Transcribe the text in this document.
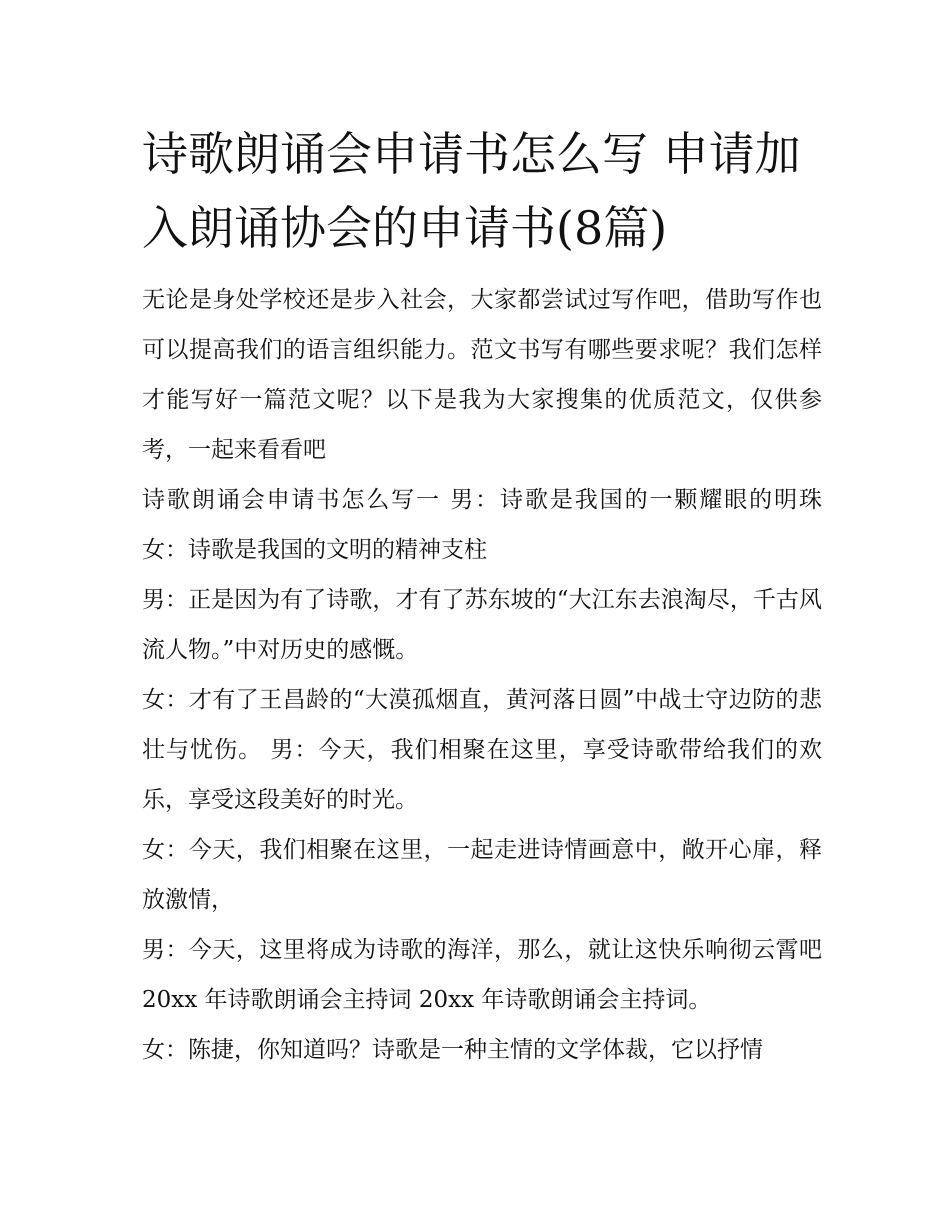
诗歌朗诵会申请书怎么写 申请加入朗诵协会的申请书(8篇)

无论是身处学校还是步入社会，大家都尝试过写作吧，借助写作也可以提高我们的语言组织能力。范文书写有哪些要求呢？我们怎样才能写好一篇范文呢？以下是我为大家搜集的优质范文，仅供参考，一起来看看吧

诗歌朗诵会申请书怎么写一 男：诗歌是我国的一颗耀眼的明珠 女：诗歌是我国的文明的精神支柱

男：正是因为有了诗歌，才有了苏东坡的“大江东去浪淘尽，千古风流人物。”中对历史的感慨。

女：才有了王昌龄的“大漠孤烟直，黄河落日圆”中战士守边防的悲壮与忧伤。 男：今天，我们相聚在这里，享受诗歌带给我们的欢乐，享受这段美好的时光。

女：今天，我们相聚在这里，一起走进诗情画意中，敞开心扉，释放激情，

男：今天，这里将成为诗歌的海洋，那么，就让这快乐响彻云霄吧 20xx 年诗歌朗诵会主持词 20xx 年诗歌朗诵会主持词。

女：陈捷，你知道吗？诗歌是一种主情的文学体裁，它以抒情
